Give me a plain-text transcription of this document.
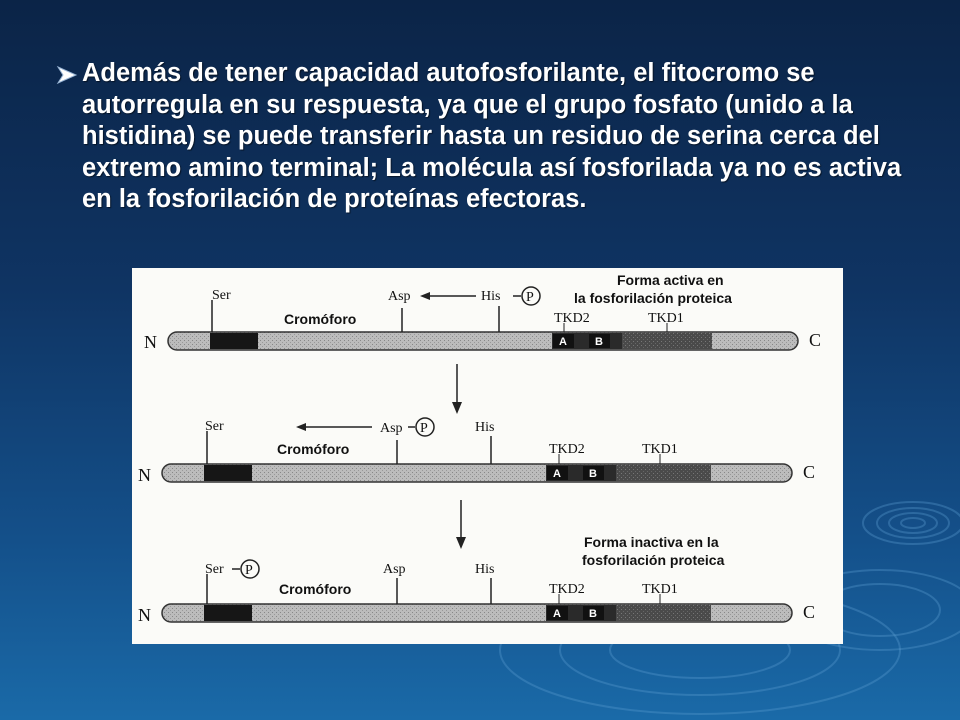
Además de tener capacidad autofosforilante, el fitocromo se autorregula en su respuesta, ya que el grupo fosfato (unido a la histidina) se puede transferir hasta un residuo de serina cerca del extremo amino terminal; La molécula así fosforilada ya no es activa en la fosforilación de proteínas efectoras.

Forma activa en
la fosforilación proteica
N	A	B	C
Ser	Asp	His P
Cromóforo	TKD2	TKD1
N	A	B	C
Ser	Asp P	His
Cromóforo	TKD2	TKD1
Forma inactiva en la
fosforilación proteica
N	A	B	C
Ser P	Asp	His
Cromóforo	TKD2	TKD1
